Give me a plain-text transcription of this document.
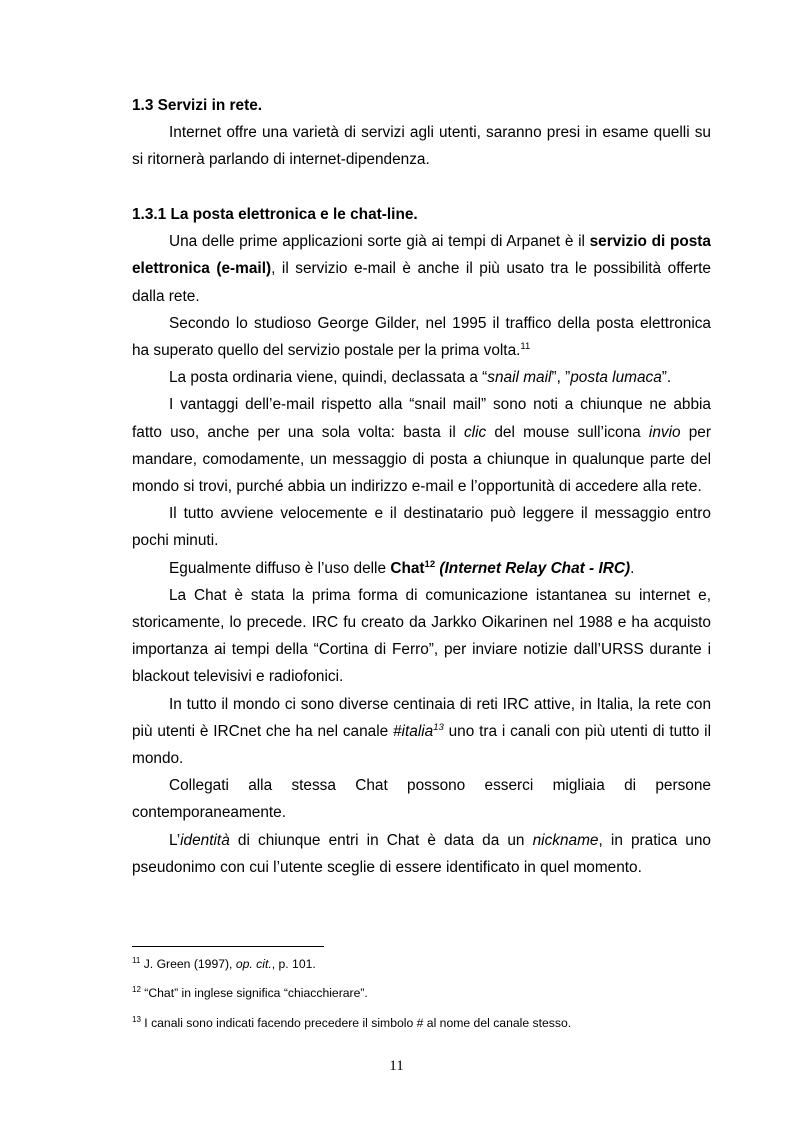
1.3 Servizi in rete.

Internet offre una varietà di servizi agli utenti, saranno presi in esame quelli su si ritornerà parlando di internet-dipendenza.

1.3.1 La posta elettronica e le chat-line.

Una delle prime applicazioni sorte già ai tempi di Arpanet è il servizio di posta elettronica (e-mail), il servizio e-mail è anche il più usato tra le possibilità offerte dalla rete.

Secondo lo studioso George Gilder, nel 1995 il traffico della posta elettronica ha superato quello del servizio postale per la prima volta.$^{11}$

La posta ordinaria viene, quindi, declassata a “snail mail”, ”posta lumaca”.

I vantaggi dell’e-mail rispetto alla “snail mail” sono noti a chiunque ne abbia fatto uso, anche per una sola volta: basta il clic del mouse sull’icona invio per mandare, comodamente, un messaggio di posta a chiunque in qualunque parte del mondo si trovi, purché abbia un indirizzo e-mail e l’opportunità di accedere alla rete.

Il tutto avviene velocemente e il destinatario può leggere il messaggio entro pochi minuti.

Egualmente diffuso è l’uso delle Chat$^{12}$ (Internet Relay Chat - IRC).

La Chat è stata la prima forma di comunicazione istantanea su internet e, storicamente, lo precede. IRC fu creato da Jarkko Oikarinen nel 1988 e ha acquisto importanza ai tempi della “Cortina di Ferro”, per inviare notizie dall’URSS durante i blackout televisivi e radiofonici.

In tutto il mondo ci sono diverse centinaia di reti IRC attive, in Italia, la rete con più utenti è IRCnet che ha nel canale #italia$^{13}$ uno tra i canali con più utenti di tutto il mondo.

Collegati alla stessa Chat possono esserci migliaia di persone contemporaneamente.

L’identità di chiunque entri in Chat è data da un nickname, in pratica uno pseudonimo con cui l’utente sceglie di essere identificato in quel momento.

$^{11}$ J. Green (1997), op. cit., p. 101.

$^{12}$ “Chat” in inglese significa “chiacchierare”.

$^{13}$ I canali sono indicati facendo precedere il simbolo # al nome del canale stesso.

11
